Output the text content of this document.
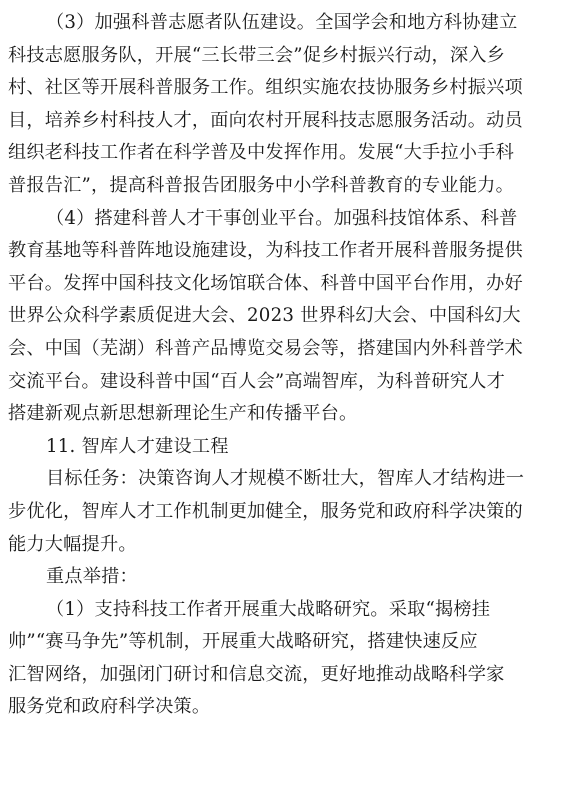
（3）加强科普志愿者队伍建设。全国学会和地方科协建立
科技志愿服务队，开展“三长带三会”促乡村振兴行动，深入乡
村、社区等开展科普服务工作。组织实施农技协服务乡村振兴项
目，培养乡村科技人才，面向农村开展科技志愿服务活动。动员
组织老科技工作者在科学普及中发挥作用。发展“大手拉小手科
普报告汇”，提高科普报告团服务中小学科普教育的专业能力。
（4）搭建科普人才干事创业平台。加强科技馆体系、科普
教育基地等科普阵地设施建设，为科技工作者开展科普服务提供
平台。发挥中国科技文化场馆联合体、科普中国平台作用，办好
世界公众科学素质促进大会、2023 世界科幻大会、中国科幻大
会、中国（芜湖）科普产品博览交易会等，搭建国内外科普学术
交流平台。建设科普中国“百人会”高端智库，为科普研究人才
搭建新观点新思想新理论生产和传播平台。
11. 智库人才建设工程
目标任务：决策咨询人才规模不断壮大，智库人才结构进一
步优化，智库人才工作机制更加健全，服务党和政府科学决策的
能力大幅提升。
重点举措：
（1）支持科技工作者开展重大战略研究。采取“揭榜挂
帅”“赛马争先”等机制，开展重大战略研究，搭建快速反应
汇智网络，加强闭门研讨和信息交流，更好地推动战略科学家
服务党和政府科学决策。
